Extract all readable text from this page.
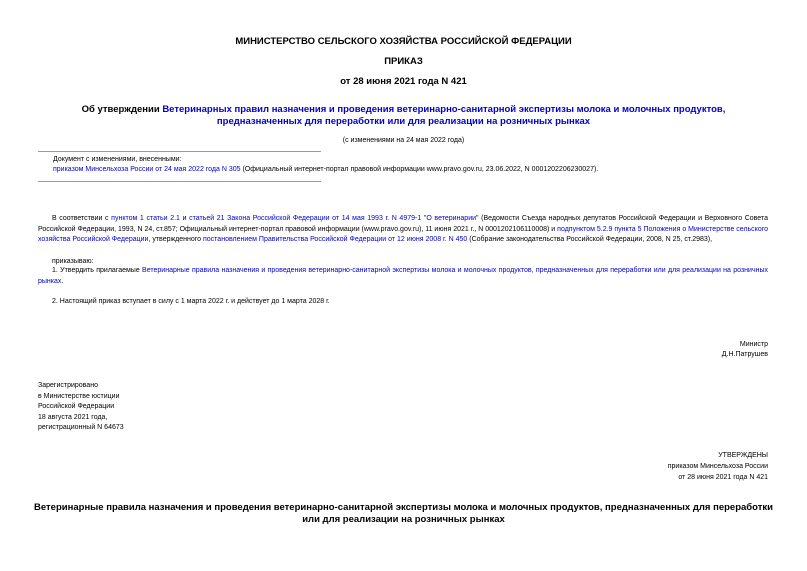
МИНИСТЕРСТВО СЕЛЬСКОГО ХОЗЯЙСТВА РОССИЙСКОЙ ФЕДЕРАЦИИ
ПРИКАЗ
от 28 июня 2021 года N 421
Об утверждении Ветеринарных правил назначения и проведения ветеринарно-санитарной экспертизы молока и молочных продуктов, предназначенных для переработки или для реализации на розничных рынках
(с изменениями на 24 мая 2022 года)
Документ с изменениями, внесенными:
приказом Минсельхоза России от 24 мая 2022 года N 305 (Официальный интернет-портал правовой информации www.pravo.gov.ru, 23.06.2022, N 0001202206230027).
В соответствии с пунктом 1 статьи 2.1 и статьей 21 Закона Российской Федерации от 14 мая 1993 г. N 4979-1 "О ветеринарии" (Ведомости Съезда народных депутатов Российской Федерации и Верховного Совета Российской Федерации, 1993, N 24, ст.857; Официальный интернет-портал правовой информации (www.pravo.gov.ru), 11 июня 2021 г., N 0001202106110008) и подпунктом 5.2.9 пункта 5 Положения о Министерстве сельского хозяйства Российской Федерации, утвержденного постановлением Правительства Российской Федерации от 12 июня 2008 г. N 450 (Собрание законодательства Российской Федерации, 2008, N 25, ст.2983),
приказываю:
1. Утвердить прилагаемые Ветеринарные правила назначения и проведения ветеринарно-санитарной экспертизы молока и молочных продуктов, предназначенных для переработки или для реализации на розничных рынках.
2. Настоящий приказ вступает в силу с 1 марта 2022 г. и действует до 1 марта 2028 г.
Министр
Д.Н.Патрушев
Зарегистрировано
в Министерстве юстиции
Российской Федерации
18 августа 2021 года,
регистрационный N 64673
УТВЕРЖДЕНЫ
приказом Минсельхоза России
от 28 июня 2021 года N 421
Ветеринарные правила назначения и проведения ветеринарно-санитарной экспертизы молока и молочных продуктов, предназначенных для переработки или для реализации на розничных рынках
